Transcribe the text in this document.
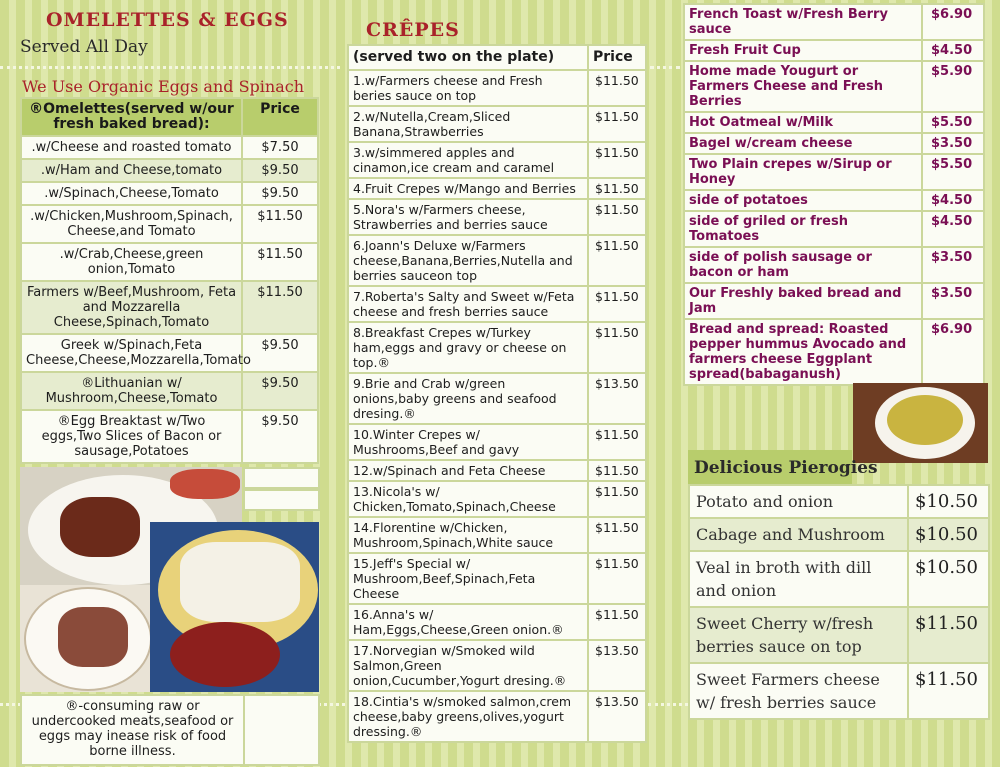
OMELETTES & EGGS
Served All Day
We Use Organic Eggs and Spinach
®Omelettes(served w/our fresh baked bread):	Price
.w/Cheese and roasted tomato	$7.50
.w/Ham and Cheese,tomato	$9.50
.w/Spinach,Cheese,Tomato	$9.50
.w/Chicken,Mushroom,Spinach, Cheese,and Tomato	$11.50
.w/Crab,Cheese,green onion,Tomato	$11.50
Farmers w/Beef,Mushroom, Feta and Mozzarella Cheese,Spinach,Tomato	$11.50
Greek w/Spinach,Feta Cheese,Cheese,Mozzarella,Tomato	$9.50
®Lithuanian w/ Mushroom,Cheese,Tomato	$9.50
®Egg Breaktast w/Two eggs,Two Slices of Bacon or sausage,Potatoes	$9.50
®-consuming raw or undercooked meats,seafood or eggs may inease risk of food borne illness.
CRÊPES
(served two on the plate)	Price
1.w/Farmers cheese and Fresh beries sauce on top	$11.50
2.w/Nutella,Cream,Sliced Banana,Strawberries	$11.50
3.w/simmered apples and cinamon,ice cream and caramel	$11.50
4.Fruit Crepes w/Mango and Berries	$11.50
5.Nora's w/Farmers cheese, Strawberries and berries sauce	$11.50
6.Joann's Deluxe w/Farmers cheese,Banana,Berries,Nutella and berries sauceon top	$11.50
7.Roberta's Salty and Sweet w/Feta cheese and fresh berries sauce	$11.50
8.Breakfast Crepes w/Turkey ham,eggs and gravy or cheese on top.®	$11.50
9.Brie and Crab w/green onions,baby greens and seafood dresing.®	$13.50
10.Winter Crepes w/ Mushrooms,Beef and gavy	$11.50
12.w/Spinach and Feta Cheese	$11.50
13.Nicola's w/ Chicken,Tomato,Spinach,Cheese	$11.50
14.Florentine w/Chicken, Mushroom,Spinach,White sauce	$11.50
15.Jeff's Special w/ Mushroom,Beef,Spinach,Feta Cheese	$11.50
16.Anna's w/ Ham,Eggs,Cheese,Green onion.®	$11.50
17.Norvegian w/Smoked wild Salmon,Green onion,Cucumber,Yogurt dresing.®	$13.50
18.Cintia's w/smoked salmon,crem cheese,baby greens,olives,yogurt dressing.®	$13.50
French Toast w/Fresh Berry sauce	$6.90
Fresh Fruit Cup	$4.50
Home made Yougurt or Farmers Cheese and Fresh Berries	$5.90
Hot Oatmeal w/Milk	$5.50
Bagel w/cream cheese	$3.50
Two Plain crepes w/Sirup or Honey	$5.50
side of potatoes	$4.50
side of griled or fresh Tomatoes	$4.50
side of polish sausage or bacon or ham	$3.50
Our Freshly baked bread and Jam	$3.50
Bread and spread: Roasted pepper hummus Avocado and farmers cheese Eggplant spread(babaganush)	$6.90
Delicious Pierogies
Potato and onion	$10.50
Cabage and Mushroom	$10.50
Veal in broth with dill and onion	$10.50
Sweet Cherry w/fresh berries sauce on top	$11.50
Sweet Farmers cheese w/ fresh berries sauce	$11.50
